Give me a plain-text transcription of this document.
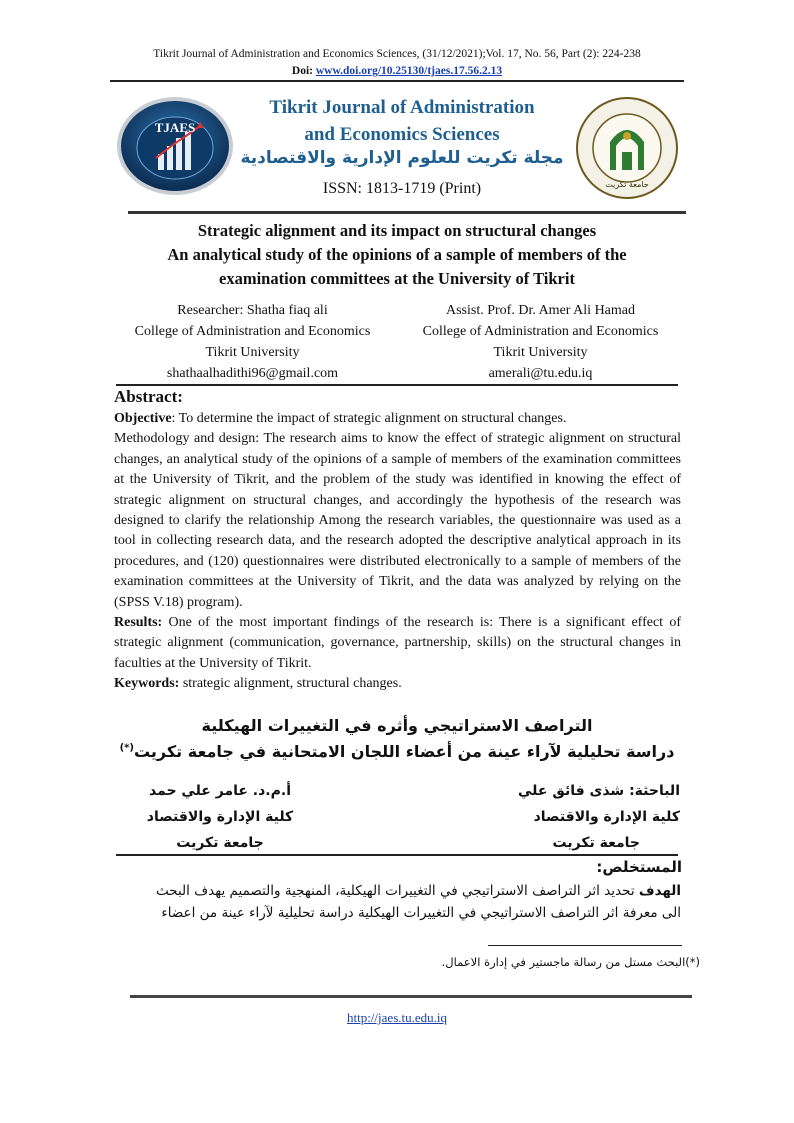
Tikrit Journal of Administration and Economics Sciences, (31/12/2021);Vol. 17, No. 56, Part (2): 224-238
Doi: www.doi.org/10.25130/tjaes.17.56.2.13
TJAES
Tikrit Journal of Administration
and Economics Sciences
مجلة تكريت للعلوم الإدارية والاقتصادية
ISSN: 1813-1719 (Print)	جامعة تكريت
Strategic alignment and its impact on structural changes
An analytical study of the opinions of a sample of members of the
examination committees at the University of Tikrit
Researcher: Shatha fiaq ali
College of Administration and Economics
Tikrit University
shathaalhadithi96@gmail.com
Assist. Prof. Dr. Amer Ali Hamad
College of Administration and Economics
Tikrit University
amerali@tu.edu.iq
Abstract:
Objective: To determine the impact of strategic alignment on structural changes.
Methodology and design: The research aims to know the effect of strategic alignment on structural changes, an analytical study of the opinions of a sample of members of the examination committees at the University of Tikrit, and the problem of the study was identified in knowing the effect of strategic alignment on structural changes, and accordingly the hypothesis of the research was designed to clarify the relationship Among the research variables, the questionnaire was used as a tool in collecting research data, and the research adopted the descriptive analytical approach in its procedures, and (120) questionnaires were distributed electronically to a sample of members of the examination committees at the University of Tikrit, and the data was analyzed by relying on the (SPSS V.18) program).
Results: One of the most important findings of the research is: There is a significant effect of strategic alignment (communication, governance, partnership, skills) on the structural changes in faculties at the University of Tikrit.
Keywords: strategic alignment, structural changes.
التراصف الاستراتيجي وأثره في التغييرات الهيكلية
دراسة تحليلية لآراء عينة من أعضاء اللجان الامتحانية في جامعة تكريت(*)
الباحثة: شذى فائق علي
كلية الإدارة والاقتصاد
جامعة تكريت
أ.م.د. عامر علي حمد
كلية الإدارة والاقتصاد
جامعة تكريت
المستخلص:
الهدف تحديد اثر التراصف الاستراتيجي في التغييرات الهيكلية، المنهجية والتصميم يهدف البحث
الى معرفة اثر التراصف الاستراتيجي في التغييرات الهيكلية دراسة تحليلية لآراء عينة من اعضاء
(*)البحث مستل من رسالة ماجستير في إدارة الاعمال.
http://jaes.tu.edu.iq
